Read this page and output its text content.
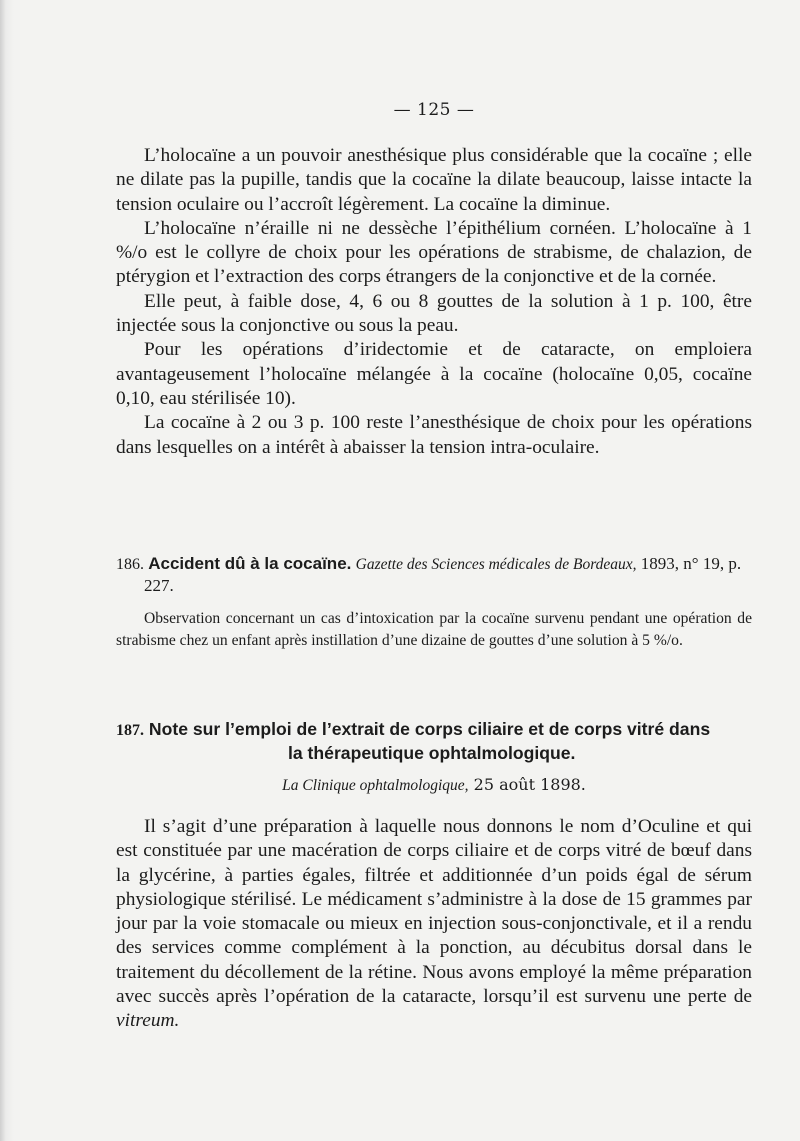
— 125 —

L’holocaïne a un pouvoir anesthésique plus considérable que la cocaïne ; elle ne dilate pas la pupille, tandis que la cocaïne la dilate beaucoup, laisse intacte la tension oculaire ou l’accroît légèrement. La cocaïne la diminue.

L’holocaïne n’éraille ni ne dessèche l’épithélium cornéen. L’holocaïne à 1 %/o est le collyre de choix pour les opérations de strabisme, de chalazion, de ptérygion et l’extraction des corps étrangers de la conjonctive et de la cornée.

Elle peut, à faible dose, 4, 6 ou 8 gouttes de la solution à 1 p. 100, être injectée sous la conjonctive ou sous la peau.

Pour les opérations d’iridectomie et de cataracte, on emploiera avantageusement l’holocaïne mélangée à la cocaïne (holocaïne 0,05, cocaïne 0,10, eau stérilisée 10).

La cocaïne à 2 ou 3 p. 100 reste l’anesthésique de choix pour les opérations dans lesquelles on a intérêt à abaisser la tension intra-oculaire.

186. Accident dû à la cocaïne. Gazette des Sciences médicales de Bordeaux, 1893, n° 19, p. 227.

Observation concernant un cas d’intoxication par la cocaïne survenu pendant une opération de strabisme chez un enfant après instillation d’une dizaine de gouttes d’une solution à 5 %/o.

187. Note sur l’emploi de l’extrait de corps ciliaire et de corps vitré dans
la thérapeutique ophtalmologique.
La Clinique ophtalmologique, 25 août 1898.

Il s’agit d’une préparation à laquelle nous donnons le nom d’Oculine et qui est constituée par une macération de corps ciliaire et de corps vitré de bœuf dans la glycérine, à parties égales, filtrée et additionnée d’un poids égal de sérum physiologique stérilisé. Le médicament s’administre à la dose de 15 grammes par jour par la voie stomacale ou mieux en injection sous-conjonctivale, et il a rendu des services comme complément à la ponction, au décubitus dorsal dans le traitement du décollement de la rétine. Nous avons employé la même préparation avec succès après l’opération de la cataracte, lorsqu’il est survenu une perte de vitreum.
